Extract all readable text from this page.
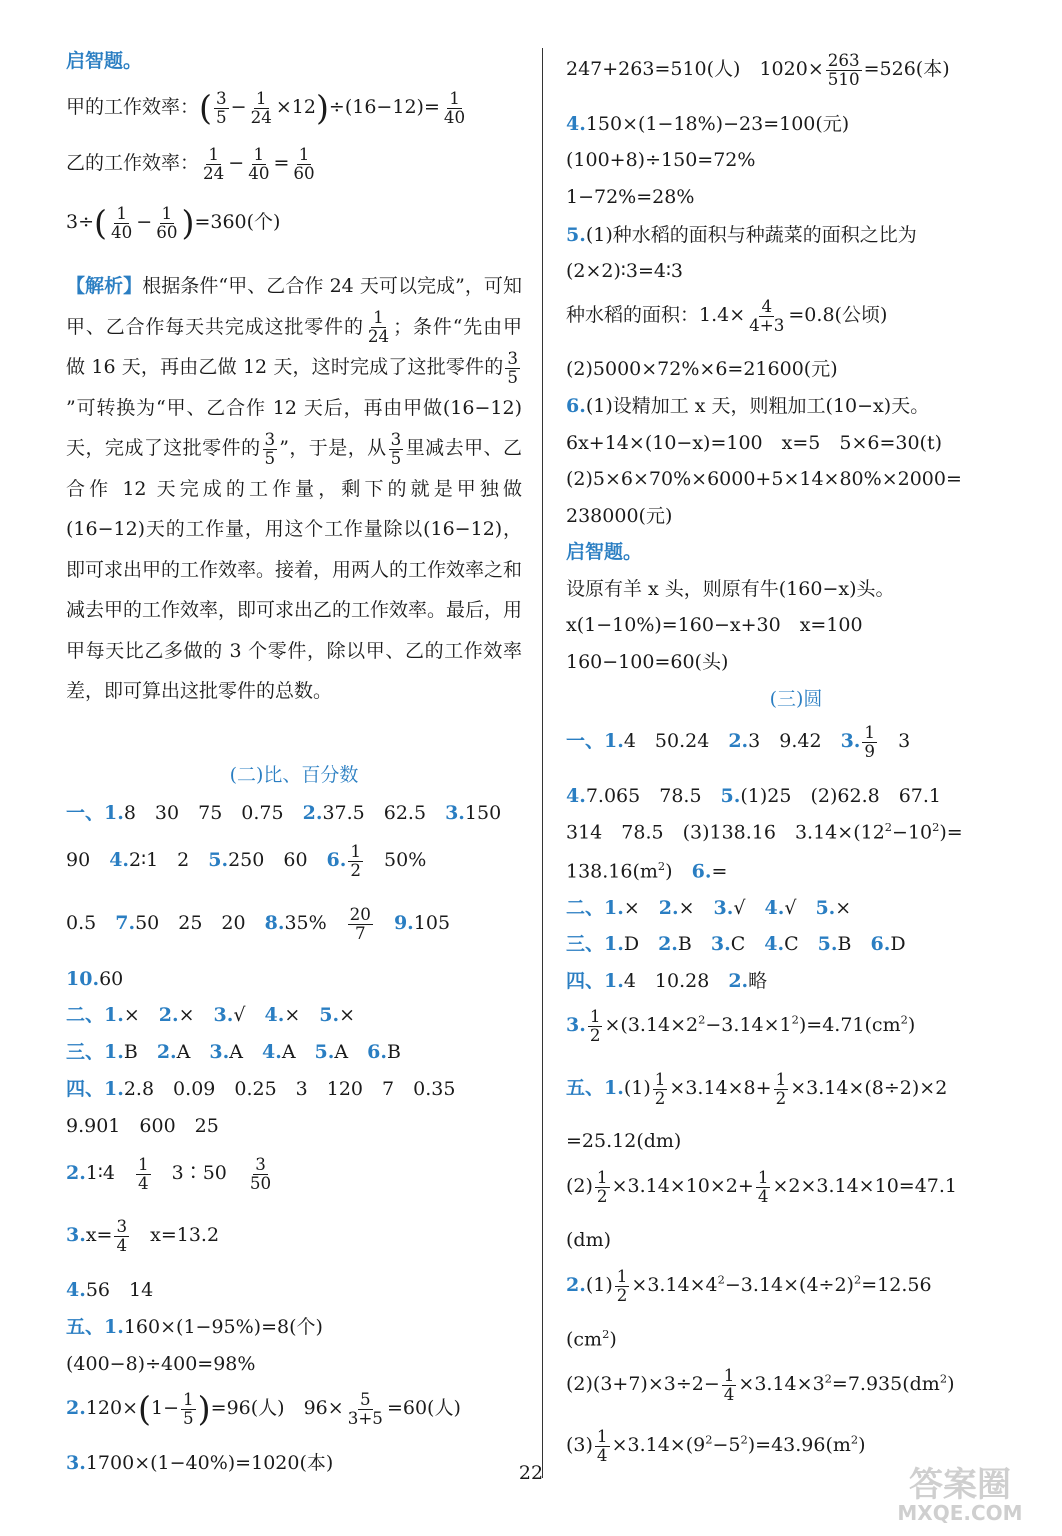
启智题。
甲的工作效率：( $\frac{3}{5} - \frac{1}{24} \times 12)\div(16-12)= \frac{1}{40}$
乙的工作效率： $\frac{1}{24} - \frac{1}{40} = \frac{1}{60}$
$3\div( \frac{1}{40} - \frac{1}{60} )=360$(个)
【解析】根据条件“甲、乙合作 24 天可以完成”，可知甲、乙合作每天共完成这批零件的 $\frac{1}{24}$ ；条件“先由甲做 16 天，再由乙做 12 天，这时完成了这批零件的 $\frac{3}{5}$
”可转换为“甲、乙合作 12 天后，再由甲做(16−12)天，完成了这批零件的 $\frac{3}{5}$ ”，于是，从 $\frac{3}{5}$ 里减去甲、乙合作 12 天完成的工作量，剩下的就是甲独做(16−12)天的工作量，用这个工作量除以(16−12)，即可求出甲的工作效率。接着，用两人的工作效率之和减去甲的工作效率，即可求出乙的工作效率。最后，用甲每天比乙多做的 3 个零件，除以甲、乙的工作效率差，即可算出这批零件的总数。
(二)比、百分数
一、1.8　30　75　0.75　2.37.5　62.5　3.150
90　4.2∶1　2　5.250　60　6. $\frac{1}{2}$ 　50%
0.5　7.50　25　20　8.35%　 $\frac{20}{7}$ 　9.105
10.60
二、1.×　2.×　3.√　4.×　5.×
三、1.B　2.A　3.A　4.A　5.A　6.B
四、1.2.8　0.09　0.25　3　120　7　0.35
9.901　600　25
2.1∶4　 $\frac{1}{4}$ 　3∶50　 $\frac{3}{50}$
$3.x= \frac{3}{4}$ 　x=13.2
4.56　14
五、1.160×(1−95%)=8(个)
(400−8)÷400=98%
$2.120\times(1- \frac{1}{5} )=96$(人)　$96\times \frac{5}{3+5} =60$(人)
3.1700×(1−40%)=1020(本)
247+263=510(人)　$1020\times \frac{263}{510} =526$(本)
4.150×(1−18%)−23=100(元)
(100+8)÷150=72%
1−72%=28%
5.(1)种水稻的面积与种蔬菜的面积之比为
(2×2)∶3=4∶3
种水稻的面积：$1.4\times \frac{4}{4+3} =0.8$(公顷)
(2)5000×72%×6=21600(元)
6.(1)设精加工 x 天，则粗加工(10−x)天。
6x+14×(10−x)=100　x=5　5×6=30(t)
(2)5×6×70%×6000+5×14×80%×2000=
238000(元)
启智题。
设原有羊 x 头，则原有牛(160−x)头。
x(1−10%)=160−x+30　x=100
160−100=60(头)
(三)圆
一、1.4　50.24　2.3　9.42　3. $\frac{1}{9}$ 　3
4.7.065　78.5　5.(1)25　(2)62.8　67.1
314　78.5　(3)138.16　$3.14\times(12^2-10^2)=$
$138.16(m^2)$　6.=
二、1.×　2.×　3.√　4.√　5.×
三、1.D　2.B　3.C　4.C　5.B　6.D
四、1.4　10.28　2.略
3. $\frac{1}{2} \times(3.14\times 2^2-3.14\times 1^2)=4.71(cm^2)$
五、$1.(1) \frac{1}{2} \times 3.14\times 8+ \frac{1}{2} \times 3.14\times(8\div 2)\times 2$
=25.12(dm)
$(2) \frac{1}{2} \times 3.14\times 10\times 2+ \frac{1}{4} \times 2\times 3.14\times 10=47.1$
(dm)
$2.(1) \frac{1}{2} \times 3.14\times 4^2-3.14\times(4\div 2)^2=12.56$
$(cm^2)$
$(2)(3+7)\times 3\div 2- \frac{1}{4} \times 3.14\times 3^2=7.935(dm^2)$
$(3) \frac{1}{4} \times 3.14\times(9^2-5^2)=43.96(m^2)$
22	答案圈
MXQE.COM
